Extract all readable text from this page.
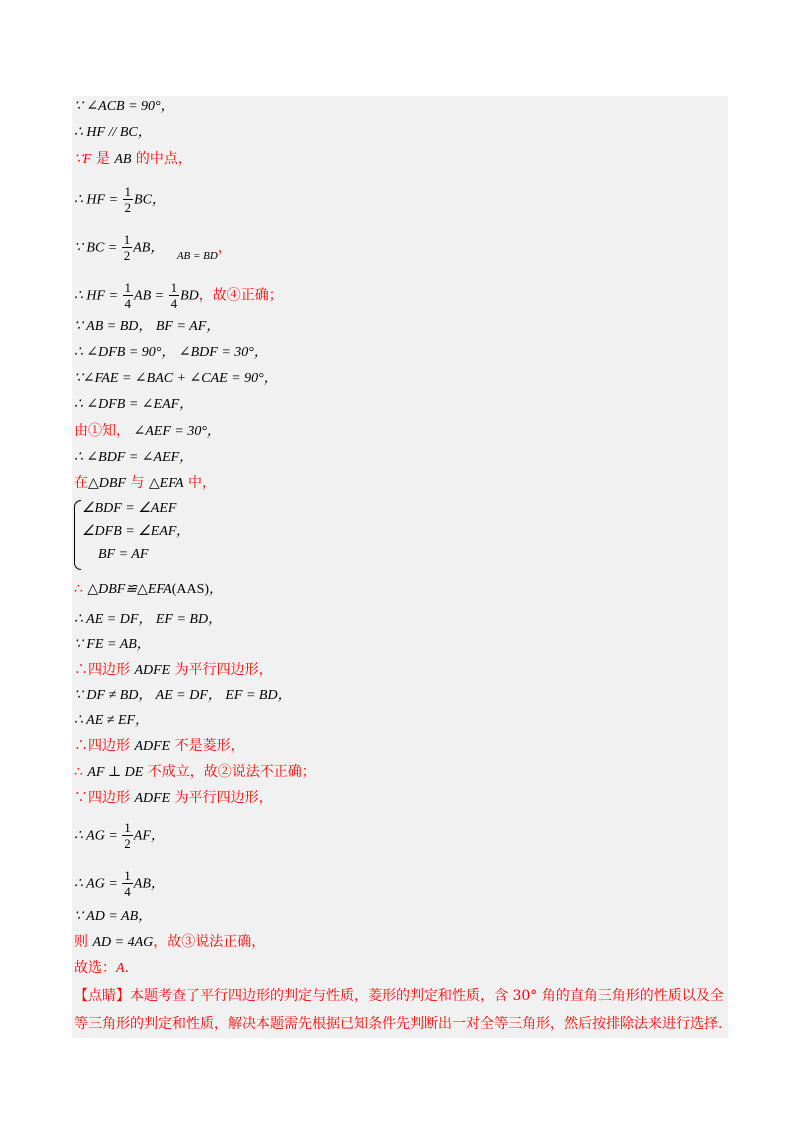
∵ ∠ACB = 90°，
∴ HF // BC，
∵F 是 AB 的中点，
∴ HF = $\frac{1}{2}$ BC，
∵ BC = $\frac{1}{2}$ AB， $_{AB = BD}$，
∴ HF = $\frac{1}{4}$ AB = $\frac{1}{4}$ BD，故④正确；
∵ AB = BD， BF = AF，
∴ ∠DFB = 90°， ∠BDF = 30°，
∵∠FAE = ∠BAC + ∠CAE = 90°，
∴ ∠DFB = ∠EAF，
由①知， ∠AEF = 30°，
∴ ∠BDF = ∠AEF，
在△DBF 与 △EFA 中，
∠BDF = ∠AEF
∠DFB = ∠EAF ，
BF = AF
∴ △DBF≌△EFA(AAS)，
∴ AE = DF， EF = BD，
∵ FE = AB，
∴四边形 ADFE 为平行四边形，
∵ DF ≠ BD， AE = DF， EF = BD，
∴ AE ≠ EF，
∴四边形 ADFE 不是菱形，
∴ AF ⊥ DE 不成立，故②说法不正确；
∵四边形 ADFE 为平行四边形，
∴ AG = $\frac{1}{2}$ AF，
∴ AG = $\frac{1}{4}$ AB，
∵ AD = AB，
则 AD = 4AG，故③说法正确，
故选：A.
【点睛】本题考查了平行四边形的判定与性质，菱形的判定和性质，含 30° 角的直角三角形的性质以及全
等三角形的判定和性质，解决本题需先根据已知条件先判断出一对全等三角形，然后按排除法来进行选择.
